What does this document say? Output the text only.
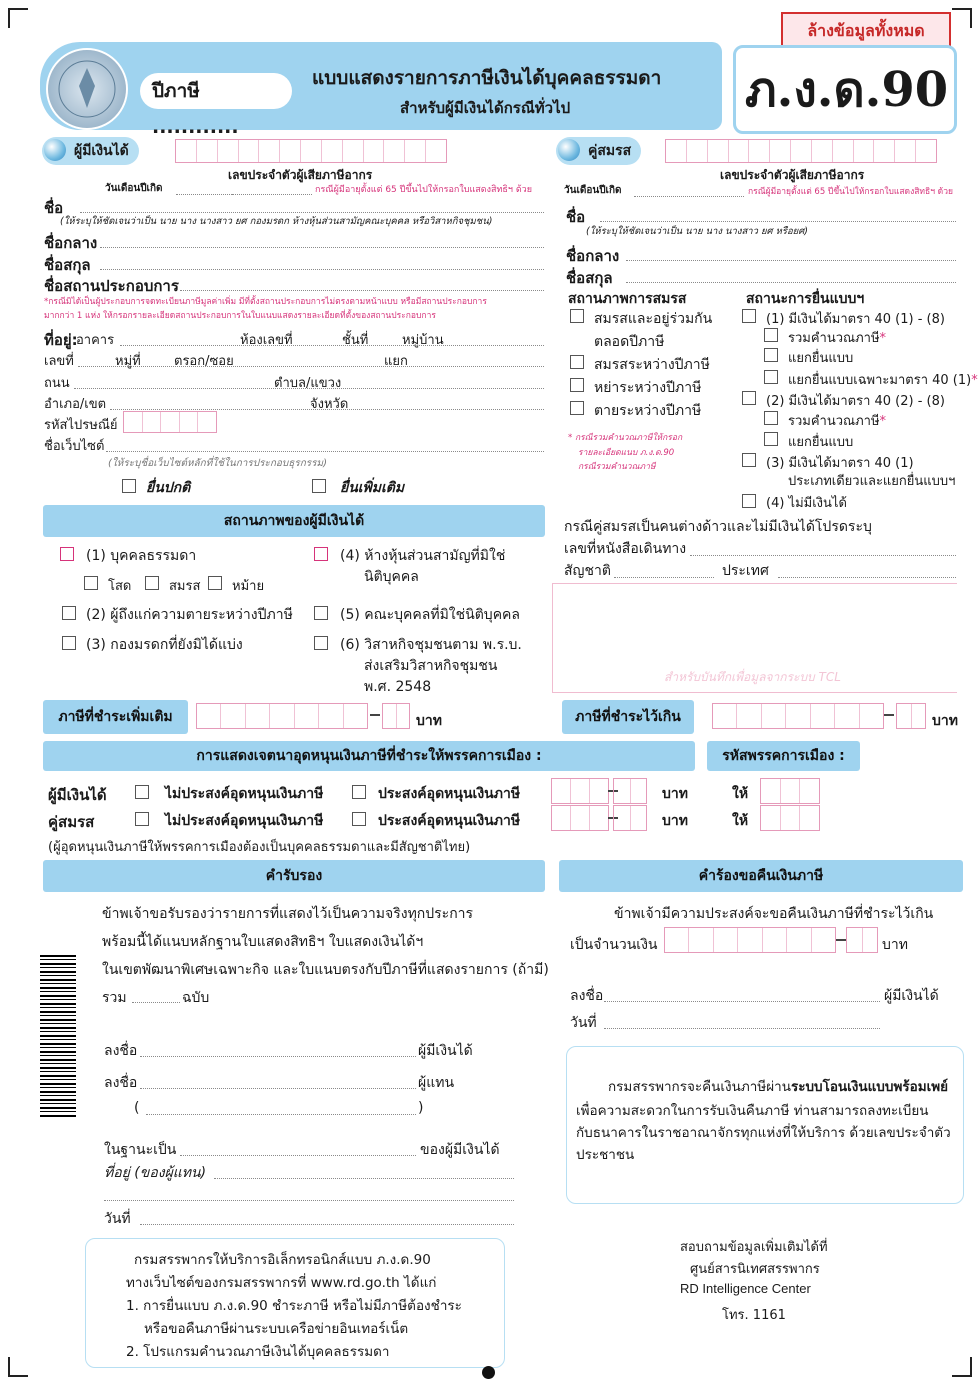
ล้างข้อมูลทั้งหมด
ปีภาษี ............
แบบแสดงรายการภาษีเงินได้บุคคลธรรมดา
สำหรับผู้มีเงินได้กรณีทั่วไป	ภ.ง.ด.90
ผู้มีเงินได้
เลขประจำตัวผู้เสียภาษีอากร
วันเดือนปีเกิด	กรณีผู้มีอายุตั้งแต่ 65 ปีขึ้นไปให้กรอกใบแสดงสิทธิฯ ด้วย
ชื่อ
(ให้ระบุให้ชัดเจนว่าเป็น นาย นาง นางสาว ยศ กองมรดก ห้างหุ้นส่วนสามัญคณะบุคคล หรือวิสาหกิจชุมชน)
ชื่อกลาง
ชื่อสกุล
ชื่อสถานประกอบการ
*กรณีมิได้เป็นผู้ประกอบการจดทะเบียนภาษีมูลค่าเพิ่ม มีที่ตั้งสถานประกอบการไม่ตรงตามหน้าแบบ หรือมีสถานประกอบการ
มากกว่า 1 แห่ง ให้กรอกรายละเอียดสถานประกอบการในใบแนบแสดงรายละเอียดที่ตั้งของสถานประกอบการ
ที่อยู่:
อาคาร	ห้องเลขที่	ชั้นที่	หมู่บ้าน
เลขที่	หมู่ที่	ตรอก/ซอย	แยก
ถนน	ตำบล/แขวง
อำเภอ/เขต	จังหวัด
รหัสไปรษณีย์
ชื่อเว็บไซต์
(ให้ระบุชื่อเว็บไซต์หลักที่ใช้ในการประกอบธุรกรรม)
ยื่นปกติ	ยื่นเพิ่มเติม
คู่สมรส
เลขประจำตัวผู้เสียภาษีอากร
วันเดือนปีเกิด	กรณีผู้มีอายุตั้งแต่ 65 ปีขึ้นไปให้กรอกใบแสดงสิทธิฯ ด้วย
ชื่อ
(ให้ระบุให้ชัดเจนว่าเป็น นาย นาง นางสาว ยศ หรือยศ)
ชื่อกลาง
ชื่อสกุล
สถานภาพการสมรส
สมรสและอยู่ร่วมกัน
ตลอดปีภาษี
สมรสระหว่างปีภาษี
หย่าระหว่างปีภาษี
ตายระหว่างปีภาษี
* กรณีรวมคำนวณภาษีให้กรอก
รายละเอียดแนบ ภ.ง.ด.90
กรณีรวมคำนวณภาษี
สถานะการยื่นแบบฯ
(1) มีเงินได้มาตรา 40 (1) - (8)
รวมคำนวณภาษี*
แยกยื่นแบบ
แยกยื่นแบบเฉพาะมาตรา 40 (1)*
(2) มีเงินได้มาตรา 40 (2) - (8)
รวมคำนวณภาษี*
แยกยื่นแบบ
(3) มีเงินได้มาตรา 40 (1)
ประเภทเดียวและแยกยื่นแบบฯ
(4) ไม่มีเงินได้
กรณีคู่สมรสเป็นคนต่างด้าวและไม่มีเงินได้โปรดระบุ
เลขที่หนังสือเดินทาง
สัญชาติ	ประเทศ
สำหรับบันทึกเพื่อมูลจากระบบ TCL
สถานภาพของผู้มีเงินได้
(1) บุคคลธรรมดา
โสด	สมรส หม้าย
(2) ผู้ถึงแก่ความตายระหว่างปีภาษี
(3) กองมรดกที่ยังมิได้แบ่ง
(4) ห้างหุ้นส่วนสามัญที่มิใช่
นิติบุคคล
(5) คณะบุคคลที่มิใช่นิติบุคคล
(6) วิสาหกิจชุมชนตาม พ.ร.บ.
ส่งเสริมวิสาหกิจชุมชน
พ.ศ. 2548
ภาษีที่ชำระเพิ่มเติม	บาท	ภาษีที่ชำระไว้เกิน	บาท
การแสดงเจตนาอุดหนุนเงินภาษีที่ชำระให้พรรคการเมือง :	รหัสพรรคการเมือง :
ผู้มีเงินได้	ไม่ประสงค์อุดหนุนเงินภาษี	ประสงค์อุดหนุนเงินภาษี	บาท	ให้
คู่สมรส	ไม่ประสงค์อุดหนุนเงินภาษี	ประสงค์อุดหนุนเงินภาษี	บาท	ให้
(ผู้อุดหนุนเงินภาษีให้พรรคการเมืองต้องเป็นบุคคลธรรมดาและมีสัญชาติไทย)
คำรับรอง
ข้าพเจ้าขอรับรองว่ารายการที่แสดงไว้เป็นความจริงทุกประการ
พร้อมนี้ได้แนบหลักฐานใบแสดงสิทธิฯ ใบแสดงเงินได้ฯ
ในเขตพัฒนาพิเศษเฉพาะกิจ และใบแนบตรงกับปีภาษีที่แสดงรายการ (ถ้ามี)
รวม	ฉบับ
ลงชื่อ	ผู้มีเงินได้
ลงชื่อ	ผู้แทน
(	)
ในฐานะเป็น	ของผู้มีเงินได้
ที่อยู่ (ของผู้แทน)
วันที่
คำร้องขอคืนเงินภาษี
ข้าพเจ้ามีความประสงค์จะขอคืนเงินภาษีที่ชำระไว้เกิน
เป็นจำนวนเงิน	บาท
ลงชื่อ	ผู้มีเงินได้
วันที่
กรมสรรพากรจะคืนเงินภาษีผ่านระบบโอนเงินแบบพร้อมเพย์
เพื่อความสะดวกในการรับเงินคืนภาษี ท่านสามารถลงทะเบียน
กับธนาคารในราชอาณาจักรทุกแห่งที่ให้บริการ ด้วยเลขประจำตัว
ประชาชน
กรมสรรพากรให้บริการอิเล็กทรอนิกส์แบบ ภ.ง.ด.90
ทางเว็บไซต์ของกรมสรรพากรที่ www.rd.go.th ได้แก่
1. การยื่นแบบ ภ.ง.ด.90 ชำระภาษี หรือไม่มีภาษีต้องชำระ
หรือขอคืนภาษีผ่านระบบเครือข่ายอินเทอร์เน็ต
2. โปรแกรมคำนวณภาษีเงินได้บุคคลธรรมดา
สอบถามข้อมูลเพิ่มเติมได้ที่
ศูนย์สารนิเทศสรรพากร
RD Intelligence Center
โทร. 1161
